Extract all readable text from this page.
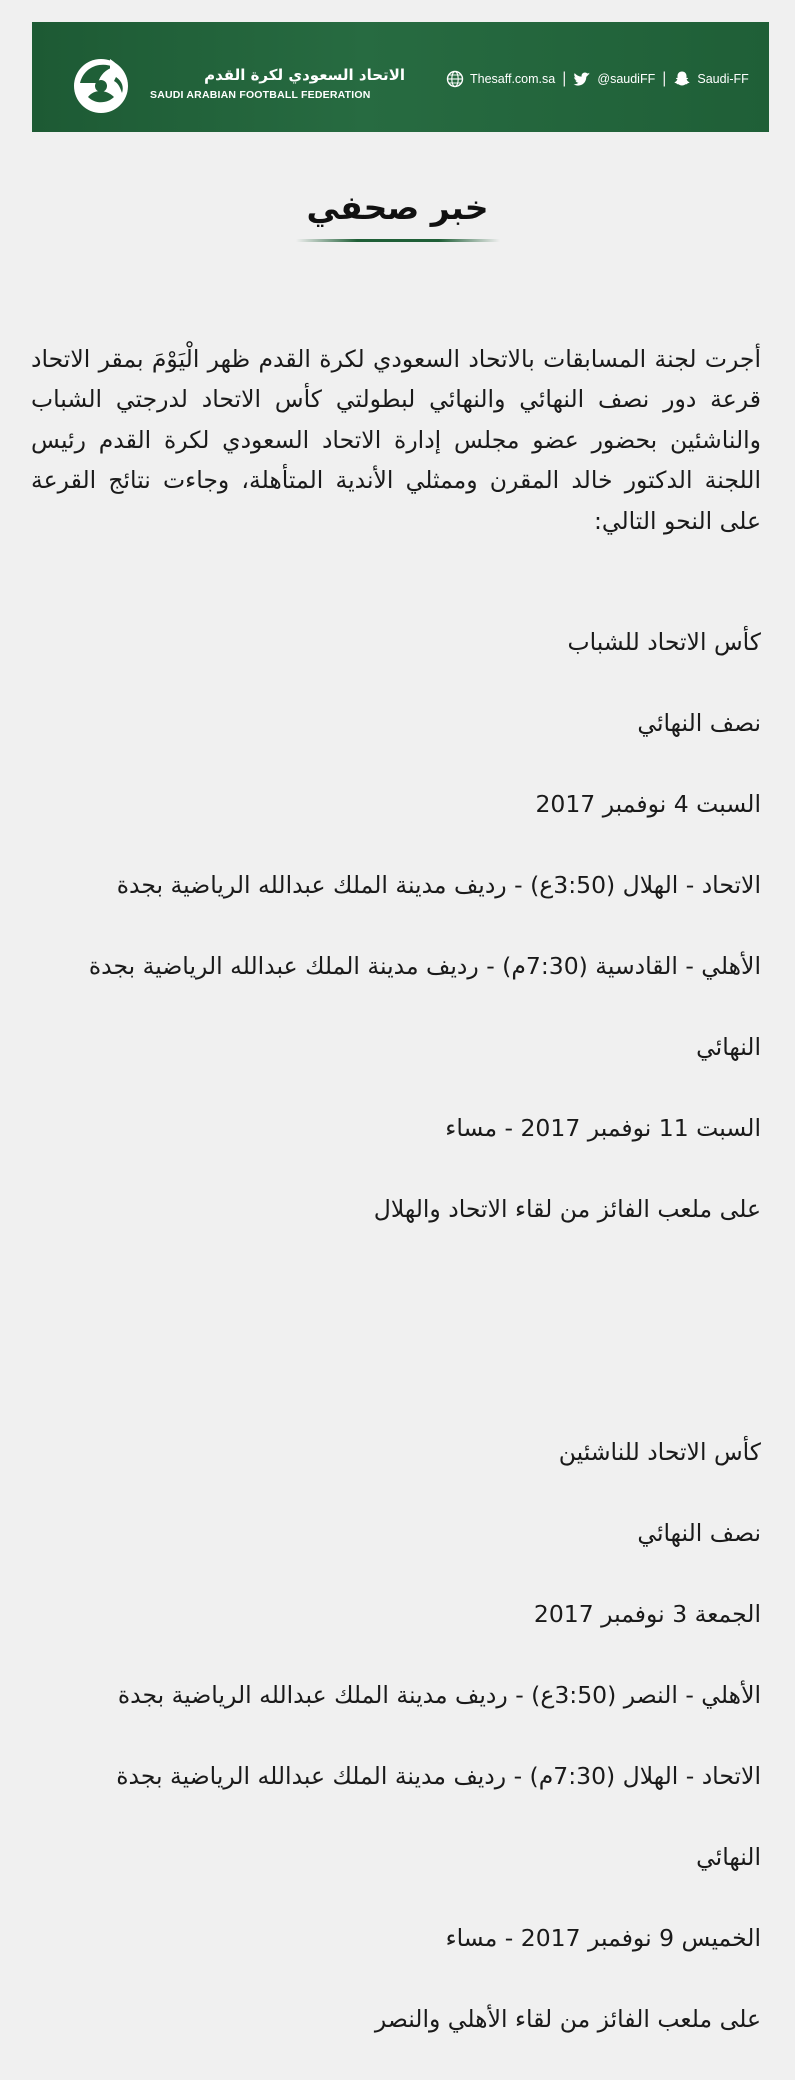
الاتحاد السعودي لكرة القدم
SAUDI ARABIAN FOOTBALL FEDERATION
Thesaff.com.sa | @saudiFF | Saudi-FF
خبر صحفي

أجرت لجنة المسابقات بالاتحاد السعودي لكرة القدم ظهر الْيَوْمَ بمقر الاتحاد قرعة دور نصف النهائي والنهائي لبطولتي كأس الاتحاد لدرجتي الشباب والناشئين بحضور عضو مجلس إدارة الاتحاد السعودي لكرة القدم رئيس اللجنة الدكتور خالد المقرن وممثلي الأندية المتأهلة، وجاءت نتائج القرعة على النحو التالي:

كأس الاتحاد للشباب

نصف النهائي

السبت 4 نوفمبر 2017

الاتحاد - الهلال (3:50ع) - رديف مدينة الملك عبدالله الرياضية بجدة

الأهلي - القادسية (7:30م) - رديف مدينة الملك عبدالله الرياضية بجدة

النهائي

السبت 11 نوفمبر 2017 - مساء

على ملعب الفائز من لقاء الاتحاد والهلال

كأس الاتحاد للناشئين

نصف النهائي

الجمعة 3 نوفمبر 2017

الأهلي - النصر (3:50ع) - رديف مدينة الملك عبدالله الرياضية بجدة

الاتحاد - الهلال (7:30م) - رديف مدينة الملك عبدالله الرياضية بجدة

النهائي

الخميس 9 نوفمبر 2017 - مساء

على ملعب الفائز من لقاء الأهلي والنصر
